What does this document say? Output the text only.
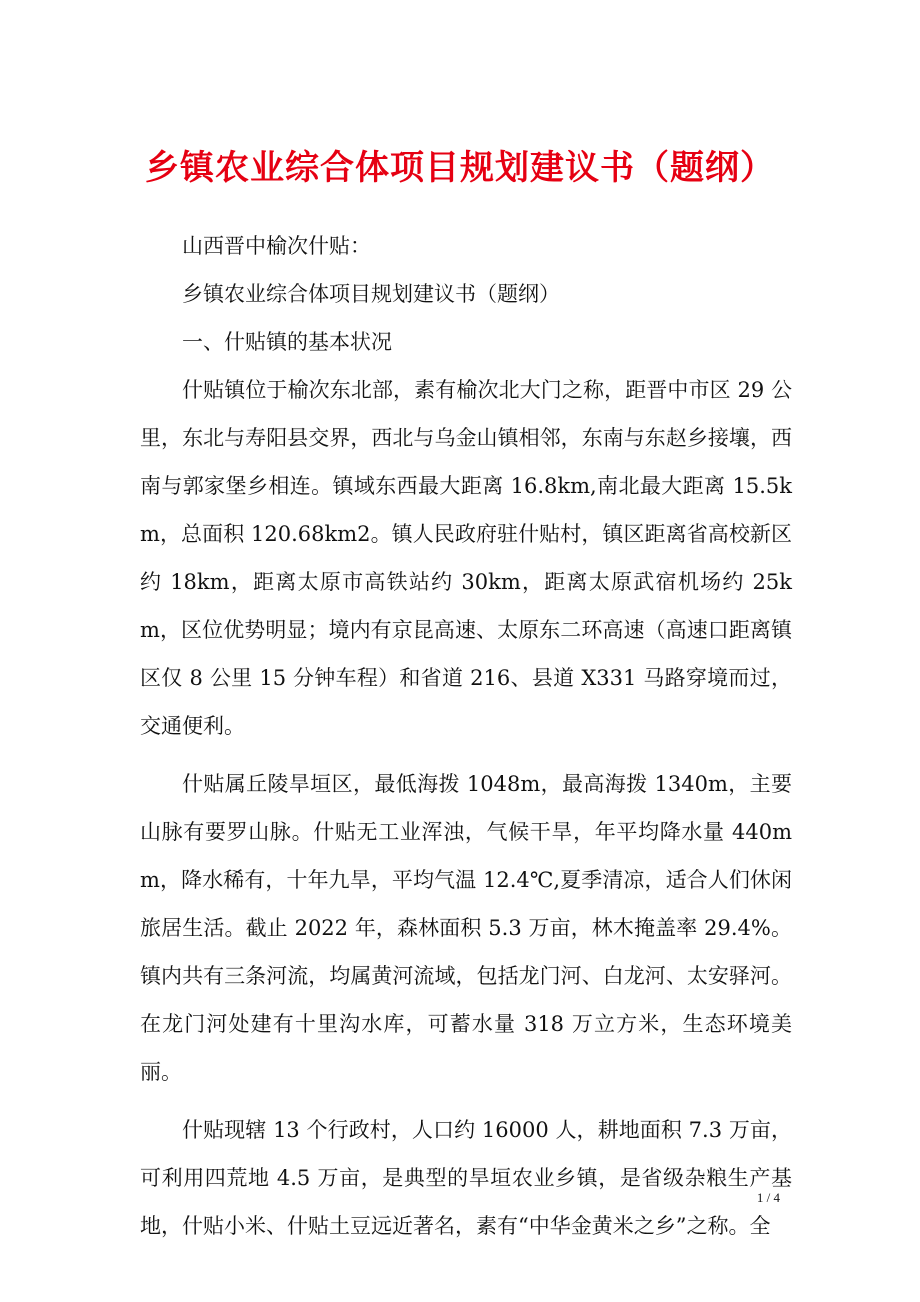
乡镇农业综合体项目规划建议书（题纲）

山西晋中榆次什贴：

乡镇农业综合体项目规划建议书（题纲）

一、什贴镇的基本状况

什贴镇位于榆次东北部，素有榆次北大门之称，距晋中市区 29 公里，东北与寿阳县交界，西北与乌金山镇相邻，东南与东赵乡接壤，西南与郭家堡乡相连。镇域东西最大距离 16.8km,南北最大距离 15.5km，总面积 120.68km2。镇人民政府驻什贴村，镇区距离省高校新区约 18km，距离太原市高铁站约 30km，距离太原武宿机场约 25km，区位优势明显；境内有京昆高速、太原东二环高速（高速口距离镇区仅 8 公里 15 分钟车程）和省道 216、县道 X331 马路穿境而过，交通便利。

什贴属丘陵旱垣区，最低海拨 1048m，最高海拨 1340m，主要山脉有要罗山脉。什贴无工业浑浊，气候干旱，年平均降水量 440mm，降水稀有，十年九旱，平均气温 12.4℃,夏季清凉，适合人们休闲旅居生活。截止 2022 年，森林面积 5.3 万亩，林木掩盖率 29.4%。镇内共有三条河流，均属黄河流域，包括龙门河、白龙河、太安驿河。在龙门河处建有十里沟水库，可蓄水量 318 万立方米，生态环境美丽。

什贴现辖 13 个行政村，人口约 16000 人，耕地面积 7.3 万亩，可利用四荒地 4.5 万亩，是典型的旱垣农业乡镇，是省级杂粮生产基地，什贴小米、什贴土豆远近著名，素有“中华金黄米之乡”之称。全

1 / 4
